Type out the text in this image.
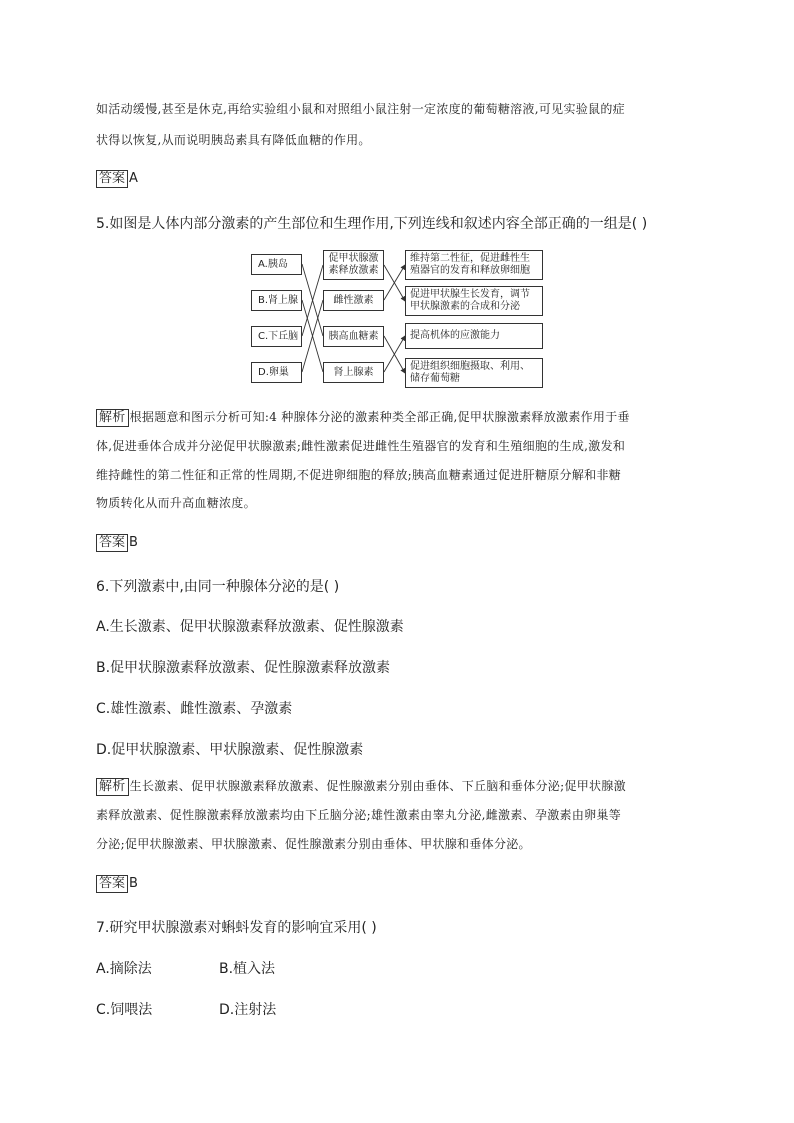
如活动缓慢,甚至是休克,再给实验组小鼠和对照组小鼠注射一定浓度的葡萄糖溶液,可见实验鼠的症
状得以恢复,从而说明胰岛素具有降低血糖的作用。
答案 A
5.如图是人体内部分激素的产生部位和生理作用,下列连线和叙述内容全部正确的一组是( )
A.胰岛
B.肾上腺
C.下丘脑
D.卵巢
促甲状腺激
素释放激素
雌性激素
胰高血糖素
肾上腺素
维持第二性征，促进雌性生
殖器官的发育和释放卵细胞
促进甲状腺生长发育，调节
甲状腺激素的合成和分泌
提高机体的应激能力
促进组织细胞摄取、利用、
储存葡萄糖
解析 根据题意和图示分析可知:4 种腺体分泌的激素种类全部正确,促甲状腺激素释放激素作用于垂
体,促进垂体合成并分泌促甲状腺激素;雌性激素促进雌性生殖器官的发育和生殖细胞的生成,激发和
维持雌性的第二性征和正常的性周期,不促进卵细胞的释放;胰高血糖素通过促进肝糖原分解和非糖
物质转化从而升高血糖浓度。
答案 B
6.下列激素中,由同一种腺体分泌的是( )
A.生长激素、促甲状腺激素释放激素、促性腺激素
B.促甲状腺激素释放激素、促性腺激素释放激素
C.雄性激素、雌性激素、孕激素
D.促甲状腺激素、甲状腺激素、促性腺激素
解析 生长激素、促甲状腺激素释放激素、促性腺激素分别由垂体、下丘脑和垂体分泌;促甲状腺激
素释放激素、促性腺激素释放激素均由下丘脑分泌;雄性激素由睾丸分泌,雌激素、孕激素由卵巢等
分泌;促甲状腺激素、甲状腺激素、促性腺激素分别由垂体、甲状腺和垂体分泌。
答案 B
7.研究甲状腺激素对蝌蚪发育的影响宜采用( )
A.摘除法	B.植入法
C.饲喂法	D.注射法
